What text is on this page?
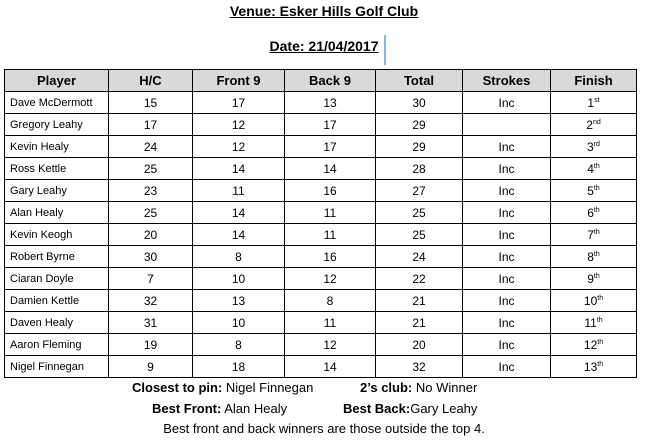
Venue: Esker Hills Golf Club
Date: 21/04/2017
Player	H/C	Front 9	Back 9	Total	Strokes	Finish
Dave McDermott	15	17	13	30	Inc	1st
Gregory Leahy	17	12	17	29		2nd
Kevin Healy	24	12	17	29	Inc	3rd
Ross Kettle	25	14	14	28	Inc	4th
Gary Leahy	23	11	16	27	Inc	5th
Alan Healy	25	14	11	25	Inc	6th
Kevin Keogh	20	14	11	25	Inc	7th
Robert Byrne	30	8	16	24	Inc	8th
Ciaran Doyle	7	10	12	22	Inc	9th
Damien Kettle	32	13	8	21	Inc	10th
Daven Healy	31	10	11	21	Inc	11th
Aaron Fleming	19	8	12	20	Inc	12th
Nigel Finnegan	9	18	14	32	Inc	13th
Closest to pin: Nigel Finnegan	2’s club: No Winner
Best Front: Alan Healy	Best Back:Gary Leahy
Best front and back winners are those outside the top 4.
